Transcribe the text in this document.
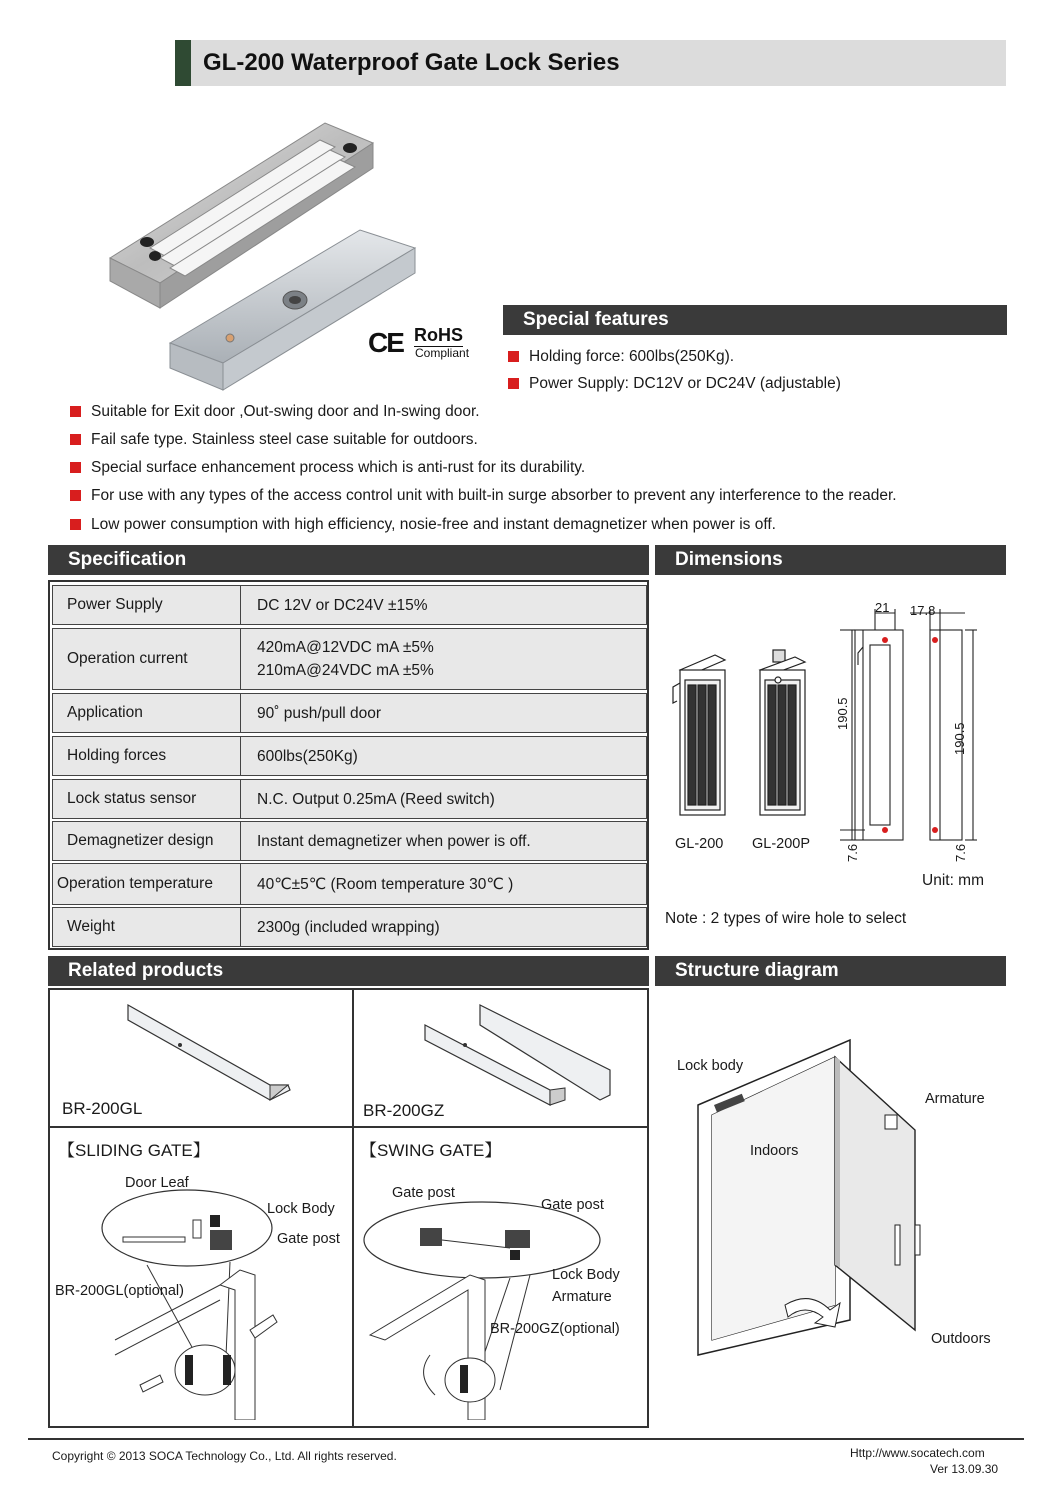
GL-200 Waterproof Gate Lock Series
CE RoHS
Compliant
Special features
Holding force: 600lbs(250Kg).
Power Supply: DC12V or DC24V (adjustable)
Suitable for Exit door ,Out-swing door and In-swing door.
Fail safe type. Stainless steel case suitable for outdoors.
Special surface enhancement process which is anti-rust for its durability.
For use with any types of the access control unit with built-in surge absorber to prevent any interference to the reader.
Low power consumption with high efficiency, nosie-free and instant demagnetizer when power is off.
Specification
Power Supply	DC 12V or DC24V ±15%
Operation current
420mA@12VDC mA ±5%
210mA@24VDC mA ±5%
Application	90˚ push/pull door
Holding forces	600lbs(250Kg)
Lock status sensor	N.C. Output 0.25mA (Reed switch)
Demagnetizer design	Instant demagnetizer when power is off.
Operation temperature	40℃±5℃ (Room temperature 30℃ )
Weight	2300g (included wrapping)
Dimensions
21 17.8
190.5
190.5
7.6	7.6
GL-200 GL-200P
Unit: mm
Note : 2 types of wire hole to select
Related products
BR-200GL	BR-200GZ
【SLIDING GATE】	【SWING GATE】
Door Leaf
Lock Body
Gate post
BR-200GL(optional)
Gate post
Gate post
Lock Body
Armature
BR-200GZ(optional)
Structure diagram
Lock body
Armature
Indoors
Outdoors
Copyright © 2013 SOCA Technology Co., Ltd. All rights reserved.	Http://www.socatech.com
Ver 13.09.30
